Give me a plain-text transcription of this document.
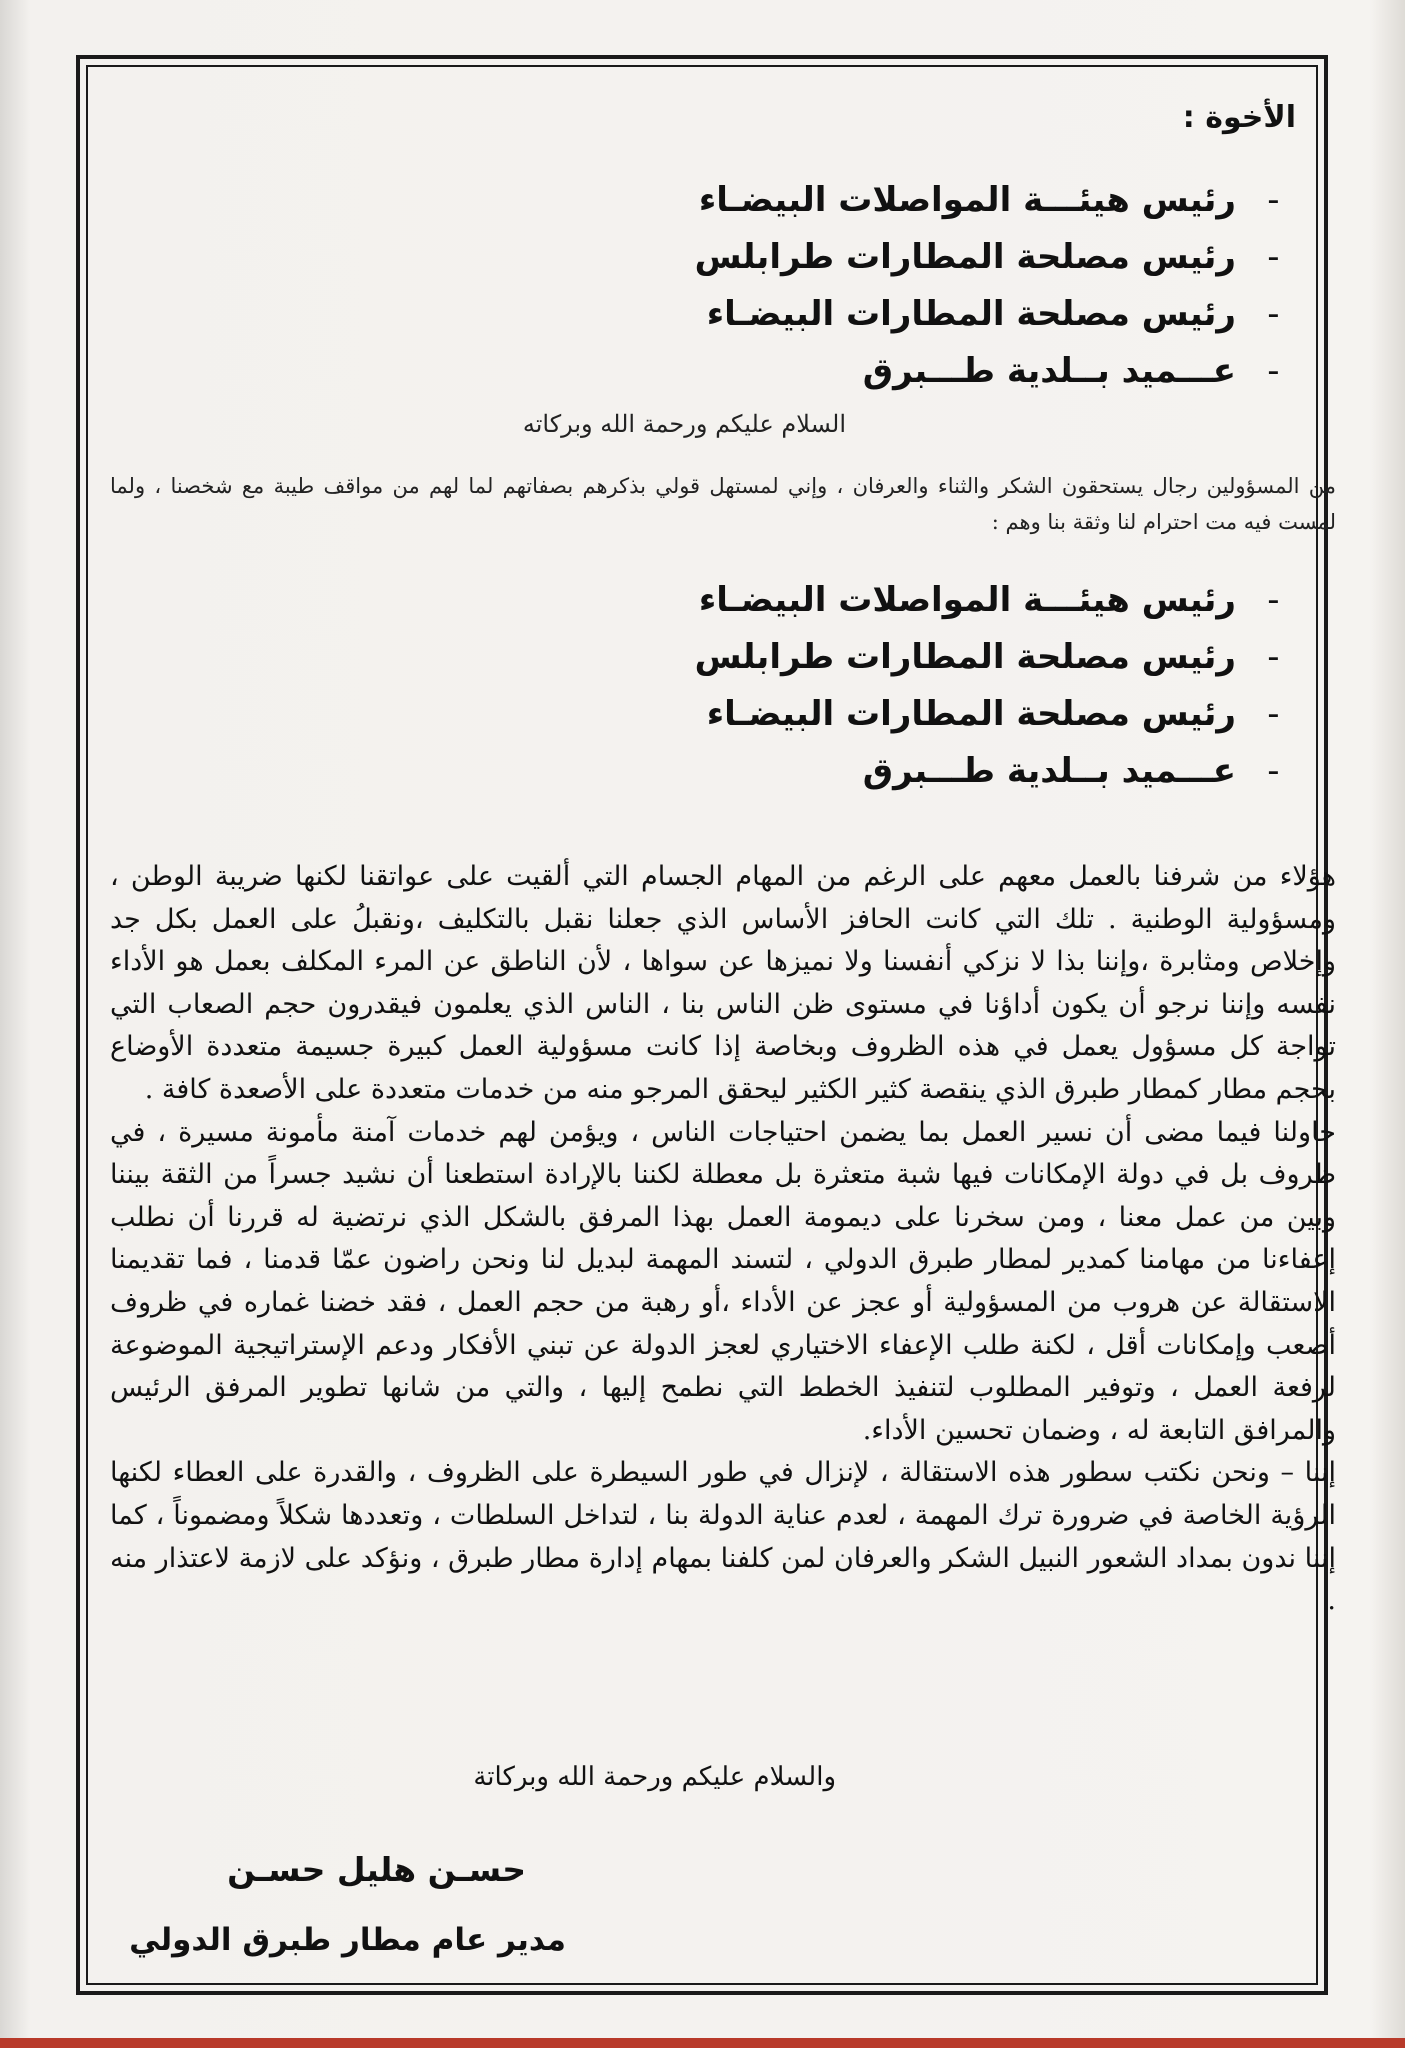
الأخوة :
-رئيس هيئـــة المواصلات البيضـاء
-رئيس مصلحة المطارات طرابلس
-رئيس مصلحة المطارات البيضـاء
-عـــميد بــلدية طـــبرق
السلام عليكم ورحمة الله وبركاته
من المسؤولين رجال يستحقون الشكر والثناء والعرفان ، وإني لمستهل قولي بذكرهم بصفاتهم لما لهم من مواقف طيبة مع شخصنا ، ولما لمست فيه مت احترام لنا وثقة بنا وهم :
-رئيس هيئـــة المواصلات البيضـاء
-رئيس مصلحة المطارات طرابلس
-رئيس مصلحة المطارات البيضـاء
-عـــميد بــلدية طـــبرق

هؤلاء من شرفنا بالعمل معهم على الرغم من المهام الجسام التي ألقيت على عواتقنا لكنها ضريبة الوطن ، ومسؤولية الوطنية . تلك التي كانت الحافز الأساس الذي جعلنا نقبل بالتكليف ،ونقبلُ على العمل بكل جد وإخلاص ومثابرة ،وإننا بذا لا نزكي أنفسنا ولا نميزها عن سواها ، لأن الناطق عن المرء المكلف بعمل هو الأداء نفسه وإننا نرجو أن يكون أداؤنا في مستوى ظن الناس بنا ، الناس الذي يعلمون فيقدرون حجم الصعاب التي تواجة كل مسؤول يعمل في هذه الظروف وبخاصة إذا كانت مسؤولية العمل كبيرة جسيمة متعددة الأوضاع بحجم مطار كمطار طبرق الذي ينقصة كثير الكثير ليحقق المرجو منه من خدمات متعددة على الأصعدة كافة .

حاولنا فيما مضى أن نسير العمل بما يضمن احتياجات الناس ، ويؤمن لهم خدمات آمنة مأمونة مسيرة ، في ظروف بل في دولة الإمكانات فيها شبة متعثرة بل معطلة لكننا بالإرادة استطعنا أن نشيد جسراً من الثقة بيننا وبين من عمل معنا ، ومن سخرنا على ديمومة العمل بهذا المرفق بالشكل الذي نرتضية له قررنا أن نطلب إعفاءنا من مهامنا كمدير لمطار طبرق الدولي ، لتسند المهمة لبديل لنا ونحن راضون عمّا قدمنا ، فما تقديمنا الاستقالة عن هروب من المسؤولية أو عجز عن الأداء ،أو رهبة من حجم العمل ، فقد خضنا غماره في ظروف أصعب وإمكانات أقل ، لكنة طلب الإعفاء الاختياري لعجز الدولة عن تبني الأفكار ودعم الإستراتيجية الموضوعة لرفعة العمل ، وتوفير المطلوب لتنفيذ الخطط التي نطمح إليها ، والتي من شانها تطوير المرفق الرئيس والمرافق التابعة له ، وضمان تحسين الأداء.

إننا – ونحن نكتب سطور هذه الاستقالة ، لإنزال في طور السيطرة على الظروف ، والقدرة على العطاء لكنها الرؤية الخاصة في ضرورة ترك المهمة ، لعدم عناية الدولة بنا ، لتداخل السلطات ، وتعددها شكلاً ومضموناً ، كما إننا ندون بمداد الشعور النبيل الشكر والعرفان لمن كلفنا بمهام إدارة مطار طبرق ، ونؤكد على لازمة لاعتذار منه .

والسلام عليكم ورحمة الله وبركاتة
حسـن هليل حسـن
مدير عام مطار طبرق الدولي
